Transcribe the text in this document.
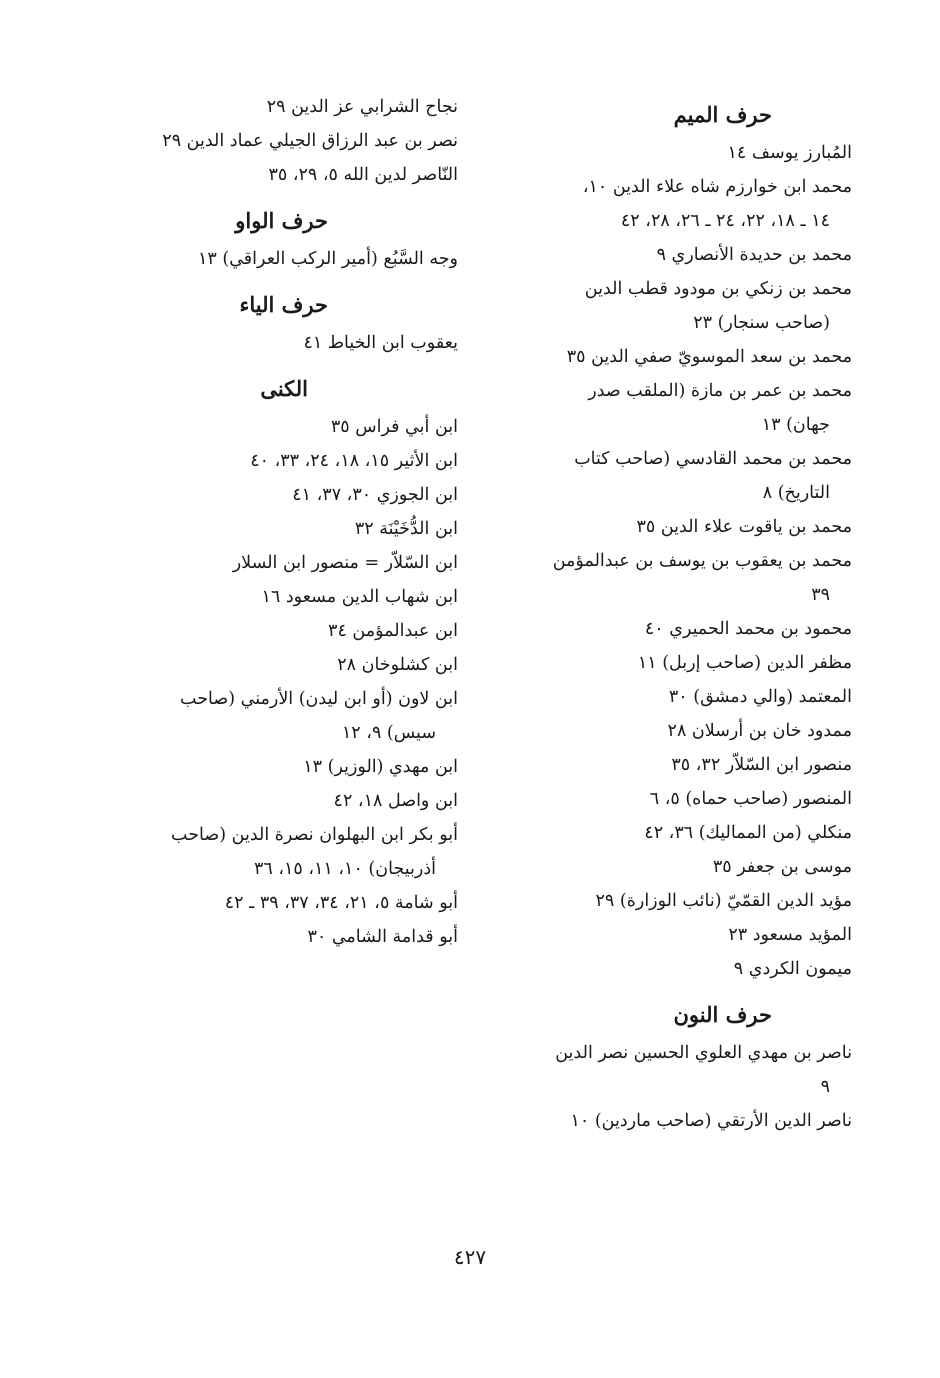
حرف الميم
المُبارز يوسف ١٤
محمد ابن خوارزم شاه علاء الدين ١٠،
١٤ ـ ١٨، ٢٢، ٢٤ ـ ٢٦، ٢٨، ٤٢
محمد بن حديدة الأنصاري ٩
محمد بن زنكي بن مودود قطب الدين
(صاحب سنجار) ٢٣
محمد بن سعد الموسويّ صفي الدين ٣٥
محمد بن عمر بن مازة (الملقب صدر
جهان) ١٣
محمد بن محمد القادسي (صاحب كتاب
التاريخ) ٨
محمد بن ياقوت علاء الدين ٣٥
محمد بن يعقوب بن يوسف بن عبدالمؤمن
٣٩
محمود بن محمد الحميري ٤٠
مظفر الدين (صاحب إربل) ١١
المعتمد (والي دمشق) ٣٠
ممدود خان بن أرسلان ٢٨
منصور ابن السّلاّر ٣٢، ٣٥
المنصور (صاحب حماه) ٥، ٦
منكلي (من المماليك) ٣٦، ٤٢
موسى بن جعفر ٣٥
مؤيد الدين القمّيّ (نائب الوزارة) ٢٩
المؤيد مسعود ٢٣
ميمون الكردي ٩
حرف النون
ناصر بن مهدي العلوي الحسين نصر الدين
٩
ناصر الدين الأرتقي (صاحب ماردين) ١٠
نجاح الشرابي عز الدين ٢٩
نصر بن عبد الرزاق الجيلي عماد الدين ٢٩
النّاصر لدين الله ٥، ٢٩، ٣٥
حرف الواو
وجه السَّبُع (أمير الركب العراقي) ١٣
حرف الياء
يعقوب ابن الخياط ٤١
الكنى
ابن أبي فراس ٣٥
ابن الأثير ١٥، ١٨، ٢٤، ٣٣، ٤٠
ابن الجوزي ٣٠، ٣٧، ٤١
ابن الدُّخَيْنَة ٣٢
ابن السّلاّر = منصور ابن السلار
ابن شهاب الدين مسعود ١٦
ابن عبدالمؤمن ٣٤
ابن كشلوخان ٢٨
ابن لاون (أو ابن ليدن) الأرمني (صاحب
سيس) ٩، ١٢
ابن مهدي (الوزير) ١٣
ابن واصل ١٨، ٤٢
أبو بكر ابن البهلوان نصرة الدين (صاحب
أذربيجان) ١٠، ١١، ١٥، ٣٦
أبو شامة ٥، ٢١، ٣٤، ٣٧، ٣٩ ـ ٤٢
أبو قدامة الشامي ٣٠
٤٢٧
